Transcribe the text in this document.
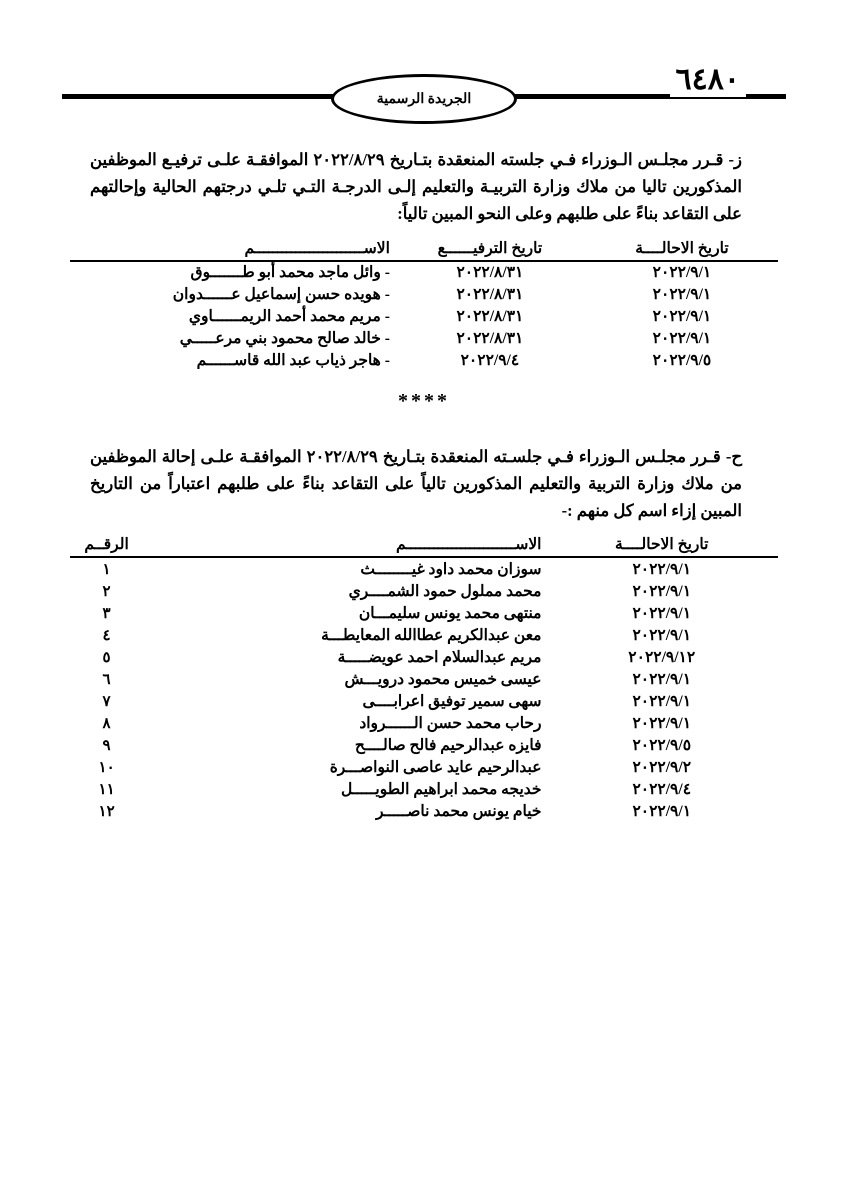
٦٤٨٠
الجريدة الرسمية

ز- قـرر مجلـس الـوزراء فـي جلسته المنعقدة بتـاريخ ٢٠٢٢/٨/٢٩ الموافقـة علـى ترفيـع الموظفين المذكورين تاليا من ملاك وزارة التربيـة والتعليم إلـى الدرجـة التـي تلـي درجتهم الحالية وإحالتهم على التقاعد بناءً على طلبهم وعلى النحو المبين تالياً:

تاريخ الاحالــــة	تاريخ الترفيــــــع	الاســــــــــــــــــــــــم
٢٠٢٢/٩/١	٢٠٢٢/٨/٣١	- وائل ماجد محمد أبو طـــــــوق
٢٠٢٢/٩/١	٢٠٢٢/٨/٣١	- هويده حسن إسماعيل عــــــدوان
٢٠٢٢/٩/١	٢٠٢٢/٨/٣١	- مريم محمد أحمد الريمــــــاوي
٢٠٢٢/٩/١	٢٠٢٢/٨/٣١	- خالد صالح محمود بني مرعـــــي
٢٠٢٢/٩/٥	٢٠٢٢/٩/٤	- هاجر ذياب عبد الله قاســــــم
****

ح- قـرر مجلـس الـوزراء فـي جلسـته المنعقدة بتـاريخ ٢٠٢٢/٨/٢٩ الموافقـة علـى إحالة الموظفين من ملاك وزارة التربية والتعليم المذكورين تالياً على التقاعد بناءً على طلبهم اعتباراً من التاريخ المبين إزاء اسم كل منهم :-

تاريخ الاحالــــة	الاســــــــــــــــــــــــم	الرقــم
٢٠٢٢/٩/١	سوزان محمد داود غيــــــــث	١
٢٠٢٢/٩/١	محمد مملول حمود الشمــــري	٢
٢٠٢٢/٩/١	منتهى محمد يونس سليمـــان	٣
٢٠٢٢/٩/١	معن عبدالكريم عطاالله المعايطـــة	٤
٢٠٢٢/٩/١٢	مريم عبدالسلام احمد عويضـــــة	٥
٢٠٢٢/٩/١	عيسى خميس محمود درويـــش	٦
٢٠٢٢/٩/١	سهى سمير توفيق اعرابــــى	٧
٢٠٢٢/٩/١	رحاب محمد حسن الــــــرواد	٨
٢٠٢٢/٩/٥	فايزه عبدالرحيم فالح صالــــح	٩
٢٠٢٢/٩/٢	عبدالرحيم عايد عاصى النواصـــرة	١٠
٢٠٢٢/٩/٤	خديجه محمد ابراهيم الطويـــــل	١١
٢٠٢٢/٩/١	خيام يونس محمد ناصـــــر	١٢
